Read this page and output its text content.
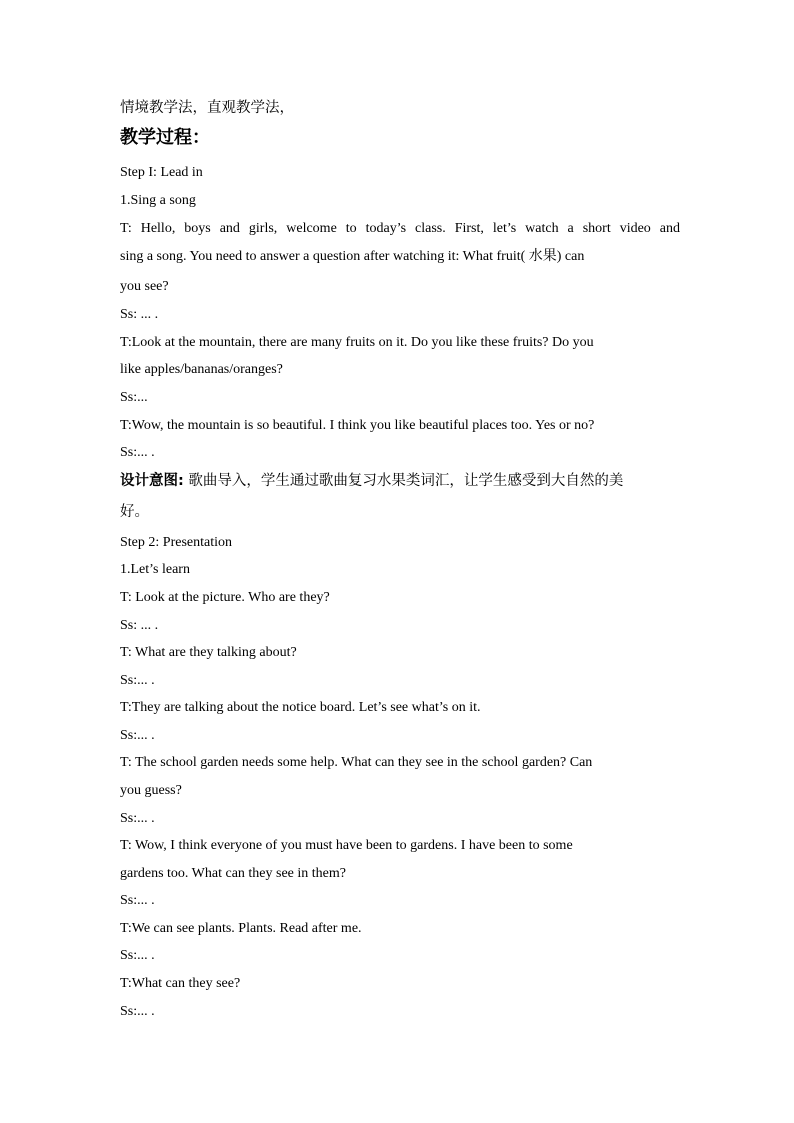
情境教学法，直观教学法，
教学过程：
Step I: Lead in
1.Sing a song
T: Hello, boys and girls, welcome to today’s class. First, let’s watch a short video and
sing a song. You need to answer a question after watching it: What fruit( 水果) can
you see?
Ss: ... .
T:Look at the mountain, there are many fruits on it. Do you like these fruits? Do you
like apples/bananas/oranges?
Ss:...
T:Wow, the mountain is so beautiful. I think you like beautiful places too. Yes or no?
Ss:... .
设计意图: 歌曲导入，学生通过歌曲复习水果类词汇，让学生感受到大自然的美
好。
Step 2: Presentation
1.Let’s learn
T: Look at the picture. Who are they?
Ss: ... .
T: What are they talking about?
Ss:... .
T:They are talking about the notice board. Let’s see what’s on it.
Ss:... .
T: The school garden needs some help. What can they see in the school garden? Can
you guess?
Ss:... .
T: Wow, I think everyone of you must have been to gardens. I have been to some
gardens too. What can they see in them?
Ss:... .
T:We can see plants. Plants. Read after me.
Ss:... .
T:What can they see?
Ss:... .
